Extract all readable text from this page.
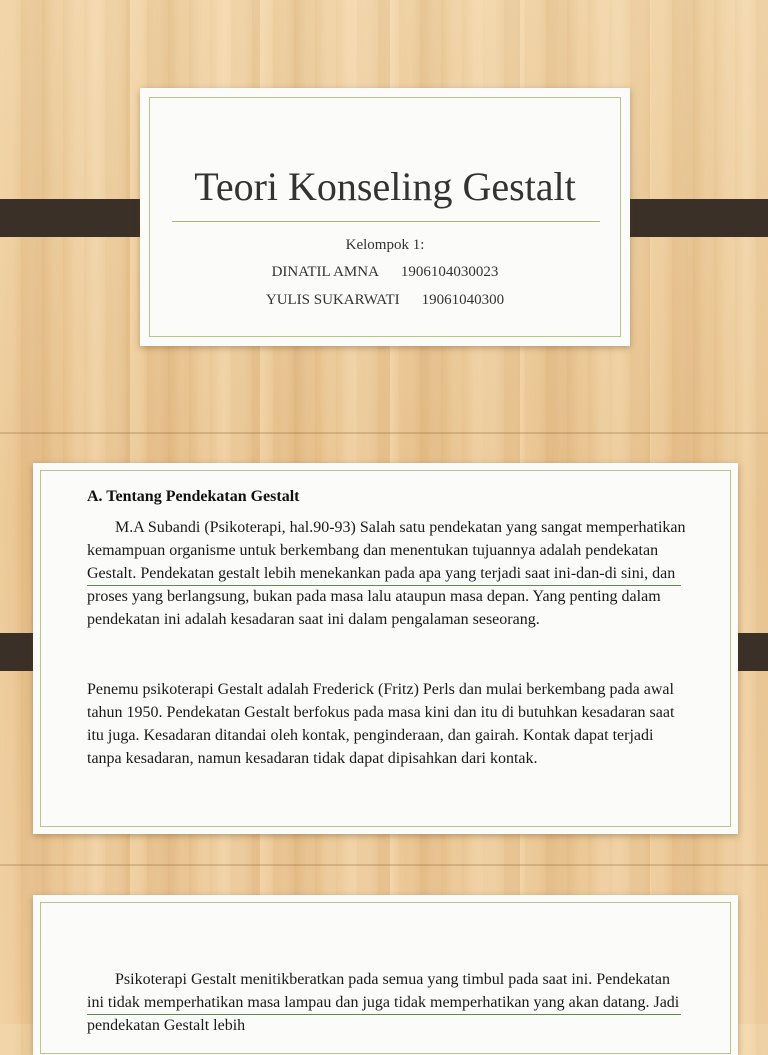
Teori Konseling Gestalt
Kelompok 1:
DINATIL AMNA 1906104030023
YULIS SUKARWATI 19061040300
A. Tentang Pendekatan Gestalt

M.A Subandi (Psikoterapi, hal.90-93) Salah satu pendekatan yang sangat memperhatikan kemampuan organisme untuk berkembang dan menentukan tujuannya adalah pendekatan Gestalt. Pendekatan gestalt lebih menekankan pada apa yang terjadi saat ini-dan-di sini, dan proses yang berlangsung, bukan pada masa lalu ataupun masa depan. Yang penting dalam pendekatan ini adalah kesadaran saat ini dalam pengalaman seseorang.

Penemu psikoterapi Gestalt adalah Frederick (Fritz) Perls dan mulai berkembang pada awal tahun 1950. Pendekatan Gestalt berfokus pada masa kini dan itu di butuhkan kesadaran saat itu juga. Kesadaran ditandai oleh kontak, penginderaan, dan gairah. Kontak dapat terjadi tanpa kesadaran, namun kesadaran tidak dapat dipisahkan dari kontak.

Psikoterapi Gestalt menitikberatkan pada semua yang timbul pada saat ini. Pendekatan ini tidak memperhatikan masa lampau dan juga tidak memperhatikan yang akan datang. Jadi pendekatan Gestalt lebih
